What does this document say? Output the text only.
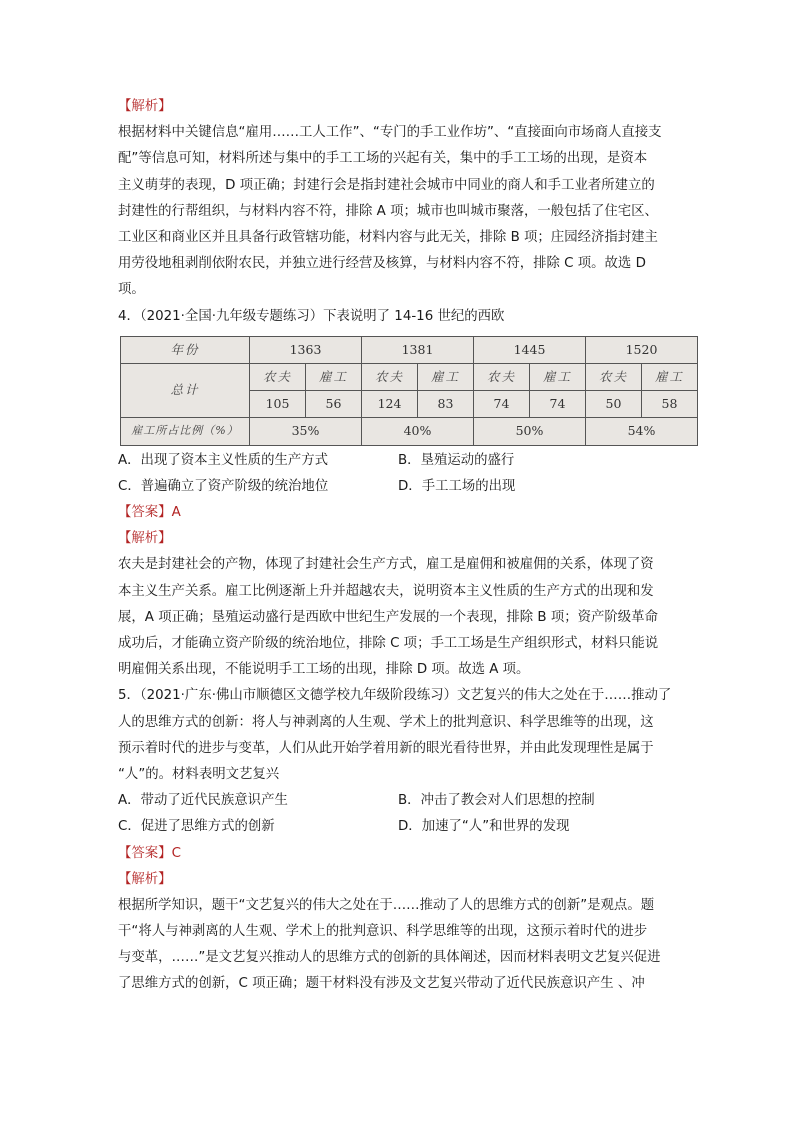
【解析】
根据材料中关键信息“雇用……工人工作”、“专门的手工业作坊”、“直接面向市场商人直接支
配”等信息可知，材料所述与集中的手工工场的兴起有关，集中的手工工场的出现，是资本
主义萌芽的表现，D 项正确；封建行会是指封建社会城市中同业的商人和手工业者所建立的
封建性的行帮组织，与材料内容不符，排除 A 项；城市也叫城市聚落，一般包括了住宅区、
工业区和商业区并且具备行政管辖功能，材料内容与此无关，排除 B 项；庄园经济指封建主
用劳役地租剥削依附农民，并独立进行经营及核算，与材料内容不符，排除 C 项。故选 D
项。
4．（2021·全国·九年级专题练习）下表说明了 14-16 世纪的西欧
年份	1363		1381		1445		1520	
总计	农夫	雇工	农夫	雇工	农夫	雇工	农夫	雇工
	105	56	124	83	74	74	50	58
雇工所占比例（%）	35%		40%		50%		54%	
A．出现了资本主义性质的生产方式	B．垦殖运动的盛行
C．普遍确立了资产阶级的统治地位	D．手工工场的出现
【答案】A
【解析】
农夫是封建社会的产物，体现了封建社会生产方式，雇工是雇佣和被雇佣的关系，体现了资
本主义生产关系。雇工比例逐渐上升并超越农夫，说明资本主义性质的生产方式的出现和发
展，A 项正确；垦殖运动盛行是西欧中世纪生产发展的一个表现，排除 B 项；资产阶级革命
成功后，才能确立资产阶级的统治地位，排除 C 项；手工工场是生产组织形式，材料只能说
明雇佣关系出现，不能说明手工工场的出现，排除 D 项。故选 A 项。
5．（2021·广东·佛山市顺德区文德学校九年级阶段练习）文艺复兴的伟大之处在于……推动了
人的思维方式的创新：将人与神剥离的人生观、学术上的批判意识、科学思维等的出现，这
预示着时代的进步与变革，人们从此开始学着用新的眼光看待世界，并由此发现理性是属于
“人”的。材料表明文艺复兴
A．带动了近代民族意识产生	B．冲击了教会对人们思想的控制
C．促进了思维方式的创新	D．加速了“人”和世界的发现
【答案】C
【解析】
根据所学知识，题干“文艺复兴的伟大之处在于……推动了人的思维方式的创新”是观点。题
干“将人与神剥离的人生观、学术上的批判意识、科学思维等的出现，这预示着时代的进步
与变革，……”是文艺复兴推动人的思维方式的创新的具体阐述，因而材料表明文艺复兴促进
了思维方式的创新，C 项正确；题干材料没有涉及文艺复兴带动了近代民族意识产生 、冲
